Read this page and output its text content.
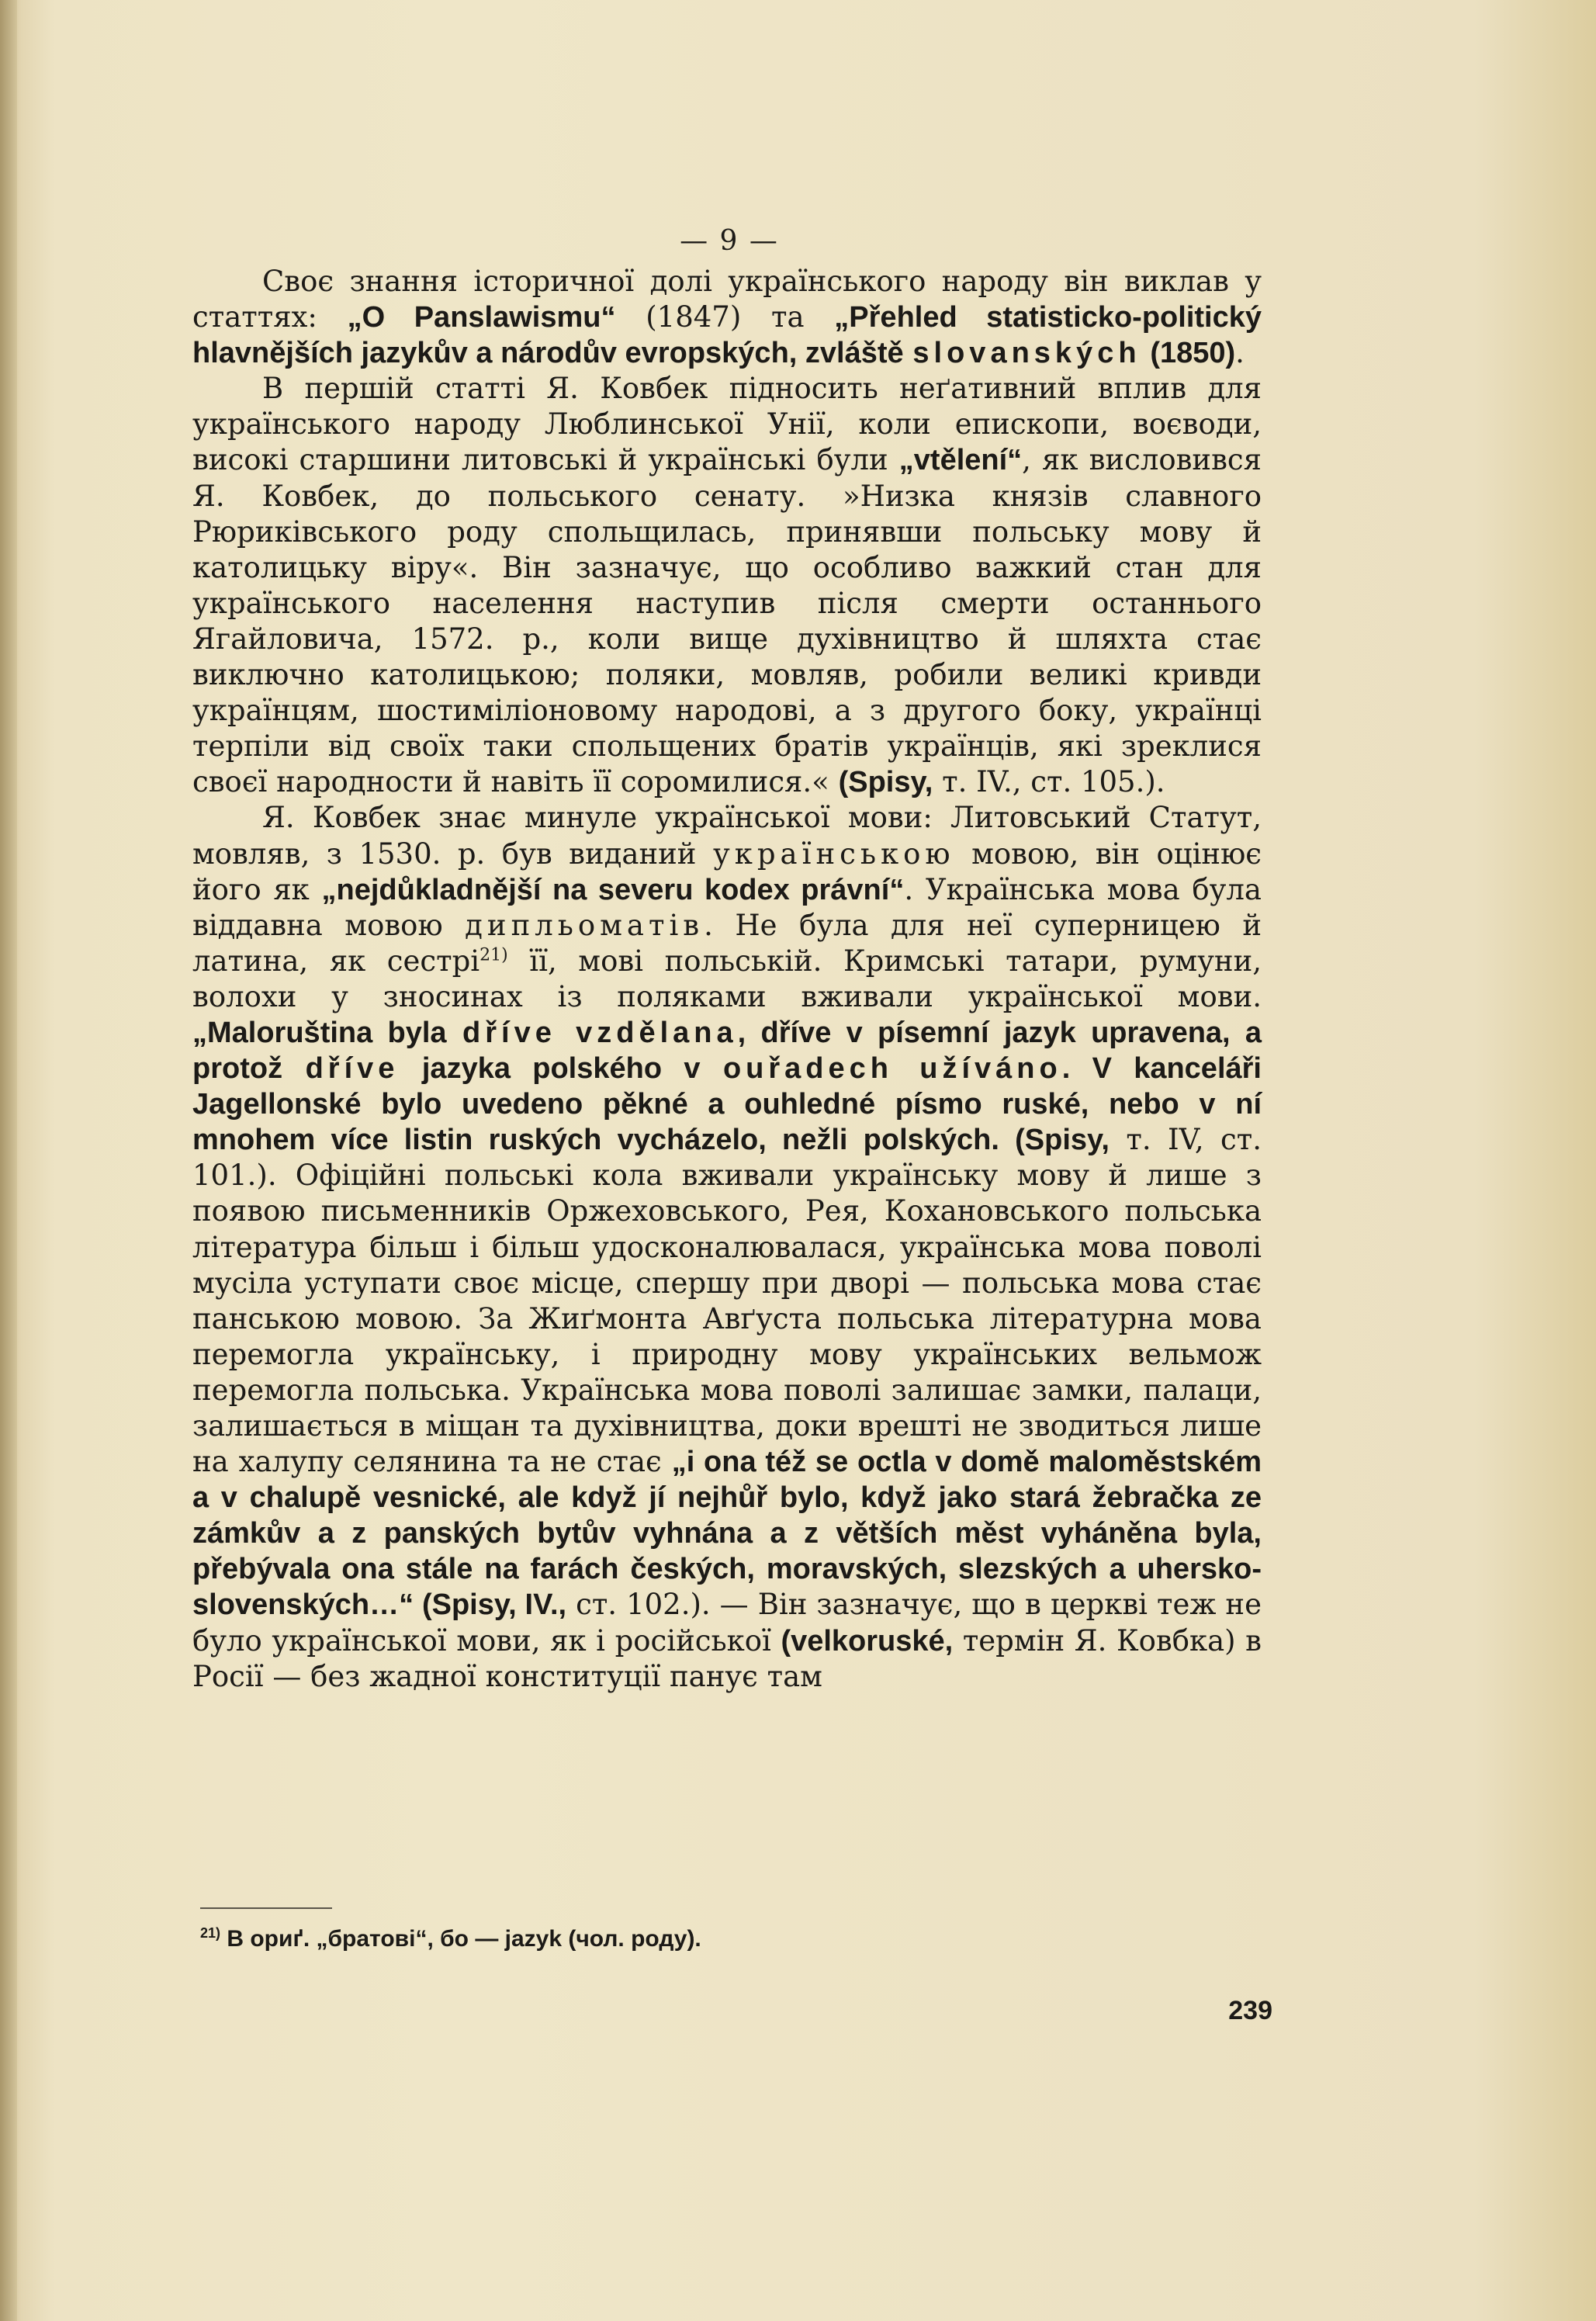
— 9 —

Своє знання історичної долі українського народу він виклав у статтях: „O Panslawismu“ (1847) та „Přehled statisticko-politický hlavnějších jazykův a národův evropských, zvláště slovanských (1850).

В першій статті Я. Ковбек підносить неґативний вплив для українського народу Люблинської Унії, коли епископи, воєводи, високі старшини литовські й українські були „vtělení“, як висловився Я. Ковбек, до польського сенату. »Низка князів славного Рюриківського роду спольщилась, принявши польську мову й католицьку віру«. Він зазначує, що особливо важкий стан для українського населення наступив після смерти останнього Ягайловича, 1572. р., коли вище духівництво й шляхта стає виключно католицькою; поляки, мовляв, робили великі кривди українцям, шостиміліоновому народові, а з другого боку, українці терпіли від своїх таки спольщених братів українців, які зреклися своєї народности й навіть її соромилися.« (Spisy, т. IV., ст. 105.).

Я. Ковбек знає минуле української мови: Литовський Статут, мовляв, з 1530. р. був виданий українською мовою, він оцінює його як „nejdůkladnější na severu kodex právní“. Українська мова була віддавна мовою дипльоматів. Не була для неї суперницею й латина, як сестрі$^{21)}$ її, мові польській. Кримські татари, румуни, волохи у зносинах із поляками вживали української мови. „Maloruština byla dříve vzdělana, dříve v písemní jazyk upravena, a protož dříve jazyka polského v ouřadech užíváno. V kanceláři Jagellonské bylo uvedeno pěkné a ouhledné písmo ruské, nebo v ní mnohem více listin ruských vycházelo, nežli polských. (Spisy, т. IV, ст. 101.). Офіційні польські кола вживали українську мову й лише з появою письменників Оржеховського, Рея, Кохановського польська література більш і більш удосконалювалася, українська мова поволі мусіла уступати своє місце, спершу при дворі — польська мова стає панською мовою. За Жиґмонта Авґуста польська літературна мова перемогла українську, і природну мову українських вельмож перемогла польська. Українська мова поволі залишає замки, палаци, залишається в міщан та духівництва, доки врешті не зводиться лише на халупу селянина та не стає „i ona též se octla v domě maloměstském a v chalupě vesnické, ale když jí nejhůř bylo, když jako stará žebračka ze zámkův a z panských bytův vyhnána a z větších měst vyháněna byla, přebývala ona stále na farách českých, moravských, slezských a uhersko-slovenských…“ (Spisy, IV., ст. 102.). — Він зазначує, що в церкві теж не було української мови, як і російської (velkoruské, термін Я. Ковбка) в Росії — без жадної конституції панує там

$^{21)}$ В ориґ. „братові“, бо — jazyk (чол. роду).
239
